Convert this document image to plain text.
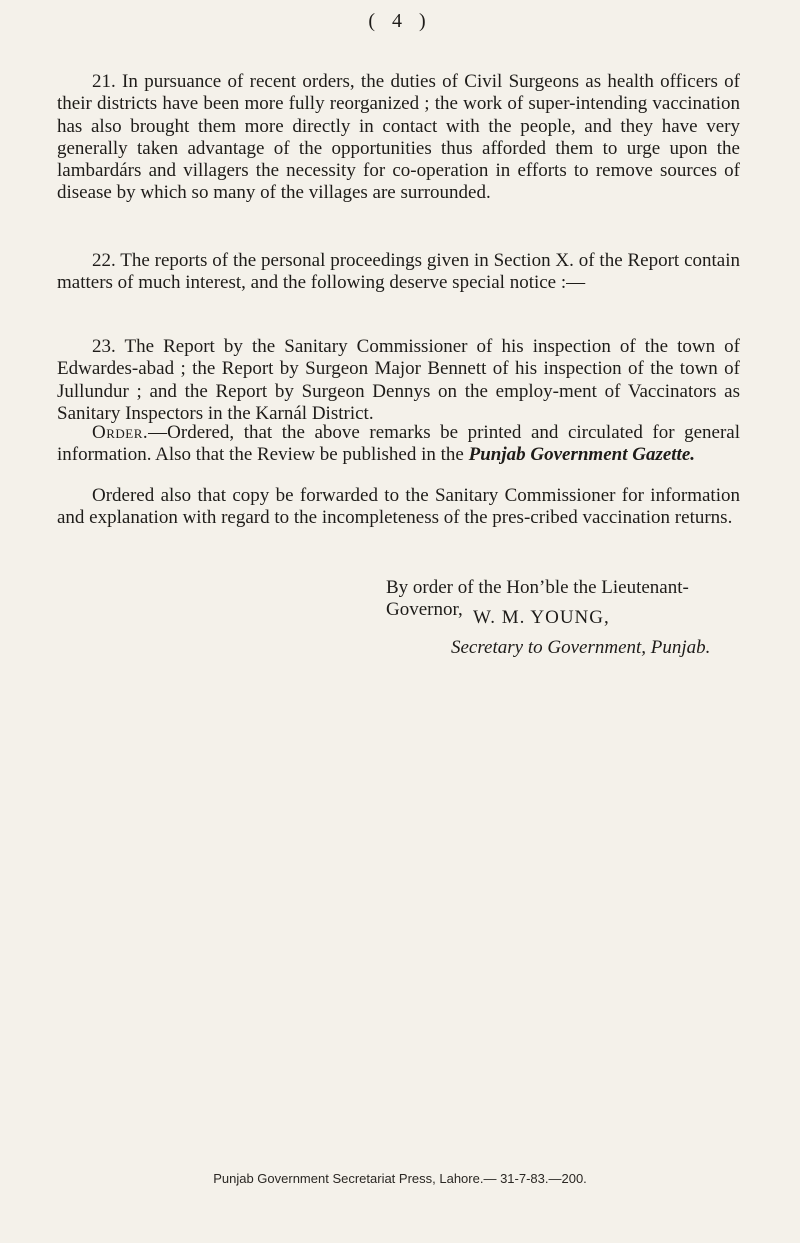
( 4 )

21. In pursuance of recent orders, the duties of Civil Surgeons as health officers of their districts have been more fully reorganized ; the work of super-intending vaccination has also brought them more directly in contact with the people, and they have very generally taken advantage of the opportunities thus afforded them to urge upon the lambardárs and villagers the necessity for co-operation in efforts to remove sources of disease by which so many of the villages are surrounded.

22. The reports of the personal proceedings given in Section X. of the Report contain matters of much interest, and the following deserve special notice :—

23. The Report by the Sanitary Commissioner of his inspection of the town of Edwardes-abad ; the Report by Surgeon Major Bennett of his inspection of the town of Jullundur ; and the Report by Surgeon Dennys on the employ-ment of Vaccinators as Sanitary Inspectors in the Karnál District.

Order.—Ordered, that the above remarks be printed and circulated for general information. Also that the Review be published in the Punjab Government Gazette.

Ordered also that copy be forwarded to the Sanitary Commissioner for information and explanation with regard to the incompleteness of the pres-cribed vaccination returns.

By order of the Hon’ble the Lieutenant-Governor, W. M. YOUNG,
Secretary to Government, Punjab.
Punjab Government Secretariat Press, Lahore.— 31-7-83.—200.
